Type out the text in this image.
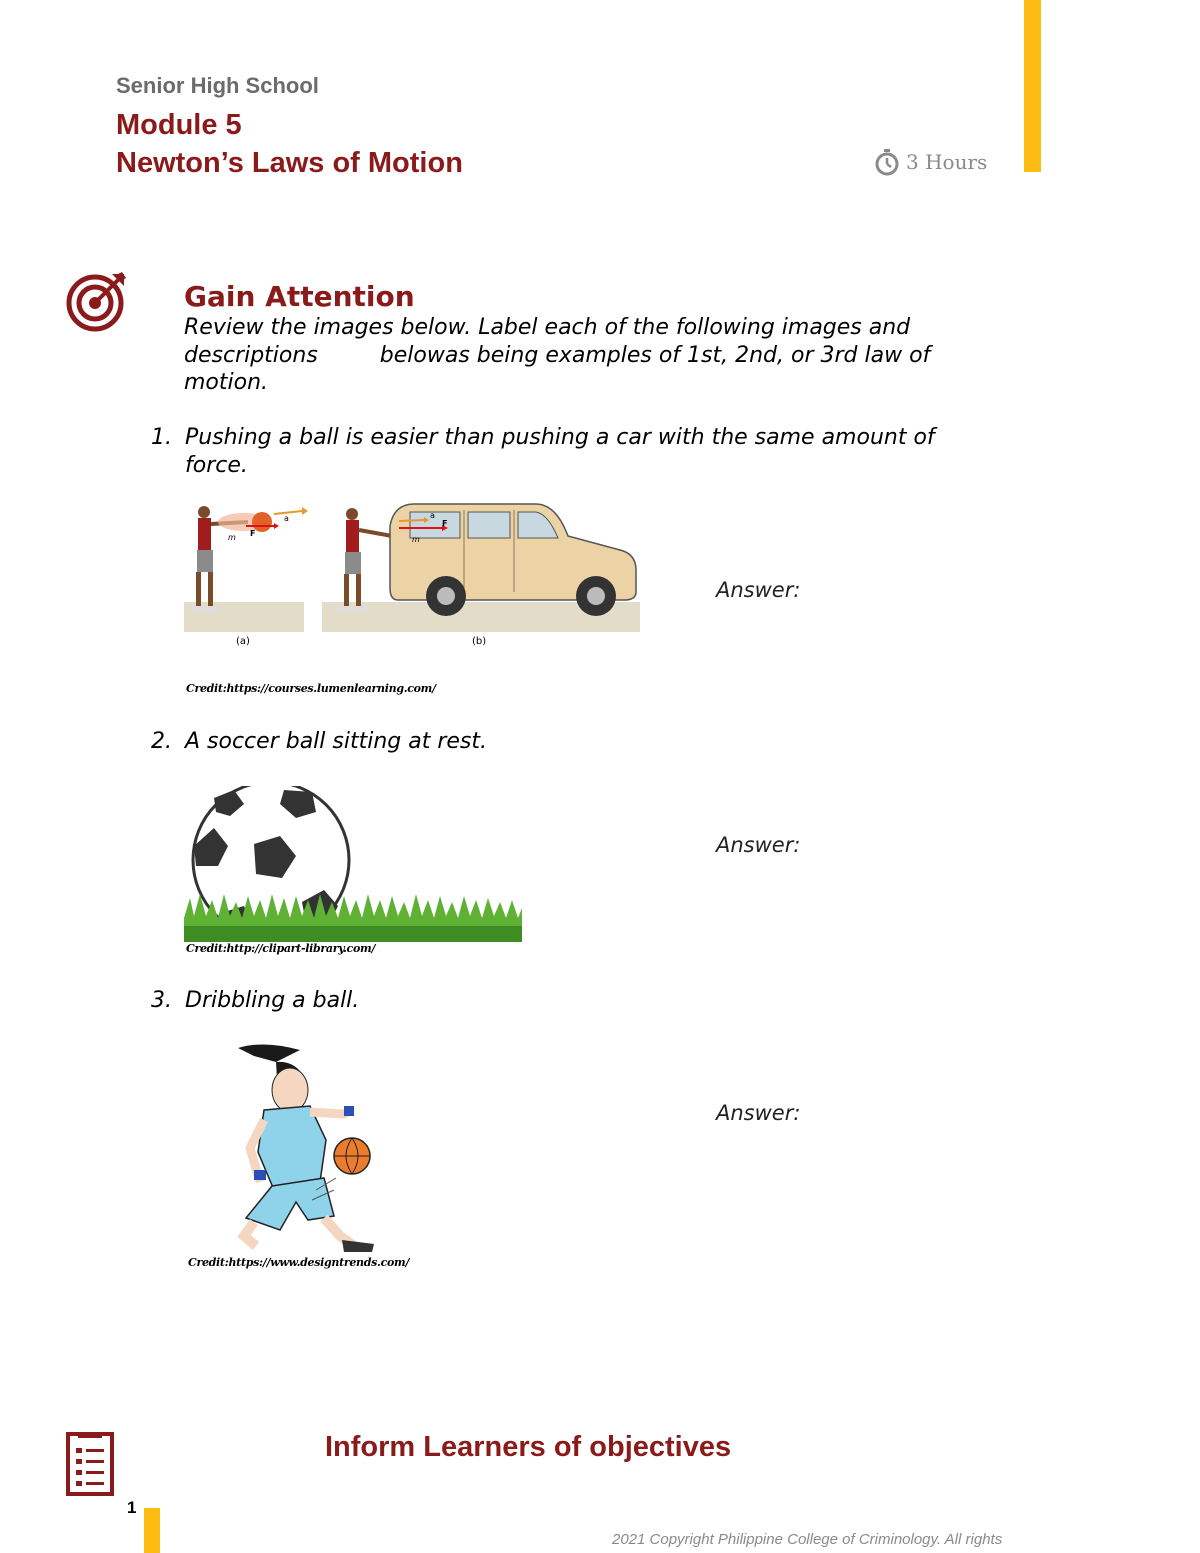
Senior High School
Module 5
Newton’s Laws of Motion	3 Hours
Gain Attention
Review the images below. Label each of the following images and descriptions	belowas being examples of 1st, 2nd, or 3rd law of motion.
1. Pushing a ball is easier than pushing a car with the same amount of force.
a
m F
a
m
F
(a)	(b)
Answer:
Credit:https://courses.lumenlearning.com/
2. A soccer ball sitting at rest.
Answer:
Credit:http://clipart-library.com/
3. Dribbling a ball.
Answer:
Credit:https://www.designtrends.com/
Inform Learners of objectives
1
2021 Copyright Philippine College of Criminology. All rights
